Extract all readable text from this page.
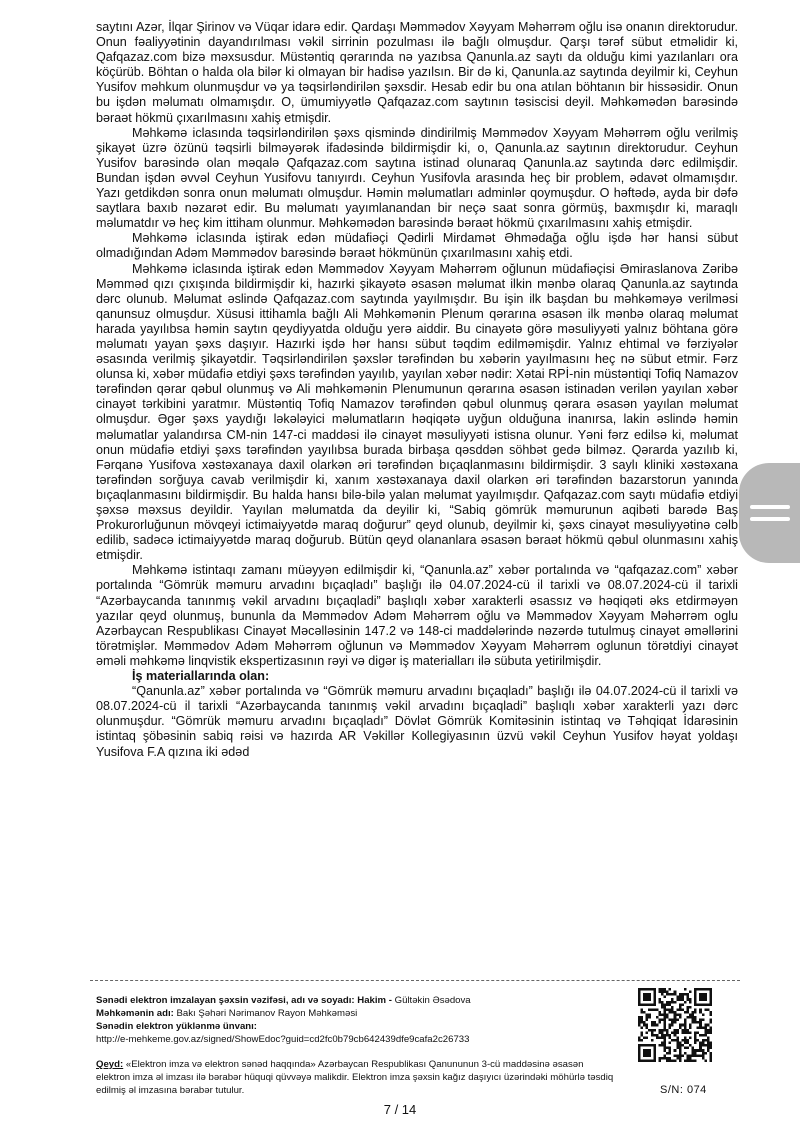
saytını Azər, İlqar Şirinov və Vüqar idarə edir. Qardaşı Məmmədov Xəyyam Məhərrəm oğlu isə onanın direktorudur. Onun fəaliyyətinin dayandırılması vəkil sirrinin pozulması ilə bağlı olmuşdur. Qarşı tərəf sübut etməlidir ki, Qafqazaz.com bizə məxsusdur. Müstəntiq qərarında nə yazıbsa Qanunla.az saytı da olduğu kimi yazılanları ora köçürüb. Böhtan o halda ola bilər ki olmayan bir hadisə yazılsın. Bir də ki, Qanunla.az saytında deyilmir ki, Ceyhun Yusifov məhkum olunmuşdur və ya təqsirləndirilən şəxsdir. Hesab edir bu ona atılan böhtanın bir hissəsidir. Onun bu işdən məlumatı olmamışdır. O, ümumiyyətlə Qafqazaz.com saytının təsiscisi deyil. Məhkəmədən barəsində bəraət hökmü çıxarılmasını xahiş etmişdir.

Məhkəmə iclasında təqsirləndirilən şəxs qismində dindirilmiş Məmmədov Xəyyam Məhərrəm oğlu verilmiş şikayət üzrə özünü təqsirli bilməyərək ifadəsində bildirmişdir ki, o, Qanunla.az saytının direktorudur. Ceyhun Yusifov barəsində olan məqalə Qafqazaz.com saytına istinad olunaraq Qanunla.az saytında dərc edilmişdir. Bundan işdən əvvəl Ceyhun Yusifovu tanıyırdı. Ceyhun Yusifovla arasında heç bir problem, ədavət olmamışdır. Yazı getdikdən sonra onun məlumatı olmuşdur. Həmin məlumatları adminlər qoymuşdur. O həftədə, ayda bir dəfə saytlara baxıb nəzarət edir. Bu məlumatı yayımlanandan bir neçə saat sonra görmüş, baxmışdır ki, maraqlı məlumatdır və heç kim ittiham olunmur. Məhkəmədən barəsində bəraət hökmü çıxarılmasını xahiş etmişdir.

Məhkəmə iclasında iştirak edən müdafiəçi Qədirli Mirdamət Əhmədağa oğlu işdə hər hansi sübut olmadığından Adəm Məmmədov barəsində bəraət hökmünün çıxarılmasını xahiş etdi.

Məhkəmə iclasında iştirak edən Məmmədov Xəyyam Məhərrəm oğlunun müdafiəçisi Əmiraslanova Zəribə Məmməd qızı çıxışında bildirmişdir ki, hazırki şikayətə əsasən məlumat ilkin mənbə olaraq Qanunla.az saytında dərc olunub. Məlumat əslində Qafqazaz.com saytında yayılmışdır. Bu işin ilk başdan bu məhkəməyə verilməsi qanunsuz olmuşdur. Xüsusi ittihamla bağlı Ali Məhkəmənin Plenum qərarına əsasən ilk mənbə olaraq məlumat harada yayılıbsa həmin saytın qeydiyyatda olduğu yerə aiddir. Bu cinayətə görə məsuliyyəti yalnız böhtana görə məlumatı yayan şəxs daşıyır. Hazırki işdə hər hansı sübut təqdim edilməmişdir. Yalnız ehtimal və fərziyələr əsasında verilmiş şikayətdir. Təqsirləndirilən şəxslər tərəfindən bu xəbərin yayılmasını heç nə sübut etmir. Fərz olunsa ki, xəbər müdafiə etdiyi şəxs tərəfindən yayılıb, yayılan xəbər nədir: Xətai RPİ-nin müstəntiqi Tofiq Namazov tərəfindən qərar qəbul olunmuş və Ali məhkəmənin Plenumunun qərarına əsasən istinadən verilən yayılan xəbər cinayət tərkibini yaratmır. Müstəntiq Tofiq Namazov tərəfindən qəbul olunmuş qərara əsasən yayılan məlumat olmuşdur. Əgər şəxs yaydığı ləkələyici məlumatların həqiqətə uyğun olduğuna inanırsa, lakin əslində həmin məlumatlar yalandırsa CM-nin 147-ci maddəsi ilə cinayət məsuliyyəti istisna olunur. Yəni fərz edilsə ki, məlumat onun müdafiə etdiyi şəxs tərəfindən yayılıbsa burada birbaşa qəsddən söhbət gedə bilməz. Qərarda yazılıb ki, Fərqanə Yusifova xəstəxanaya daxil olarkən əri tərəfindən bıçaqlanmasını bildirmişdir. 3 saylı kliniki xəstəxana tərəfindən sorğuya cavab verilmişdir ki, xanım xəstəxanaya daxil olarkən əri tərəfindən bazarstorun yanında bıçaqlanmasını bildirmişdir. Bu halda hansı bilə-bilə yalan məlumat yayılmışdır. Qafqazaz.com saytı müdafiə etdiyi şəxsə məxsus deyildir. Yayılan məlumatda da deyilir ki, “Sabiq gömrük məmurunun aqibəti barədə Baş Prokurorluğunun mövqeyi ictimaiyyətdə maraq doğurur” qeyd olunub, deyilmir ki, şəxs cinayət məsuliyyətinə cəlb edilib, sadəcə ictimaiyyətdə maraq doğurub. Bütün qeyd olananlara əsasən bəraət hökmü qəbul olunmasını xahiş etmişdir.

Məhkəmə istintaqı zamanı müəyyən edilmişdir ki, “Qanunla.az” xəbər portalında və “qafqazaz.com” xəbər portalında “Gömrük məmuru arvadını bıçaqladı” başlığı ilə 04.07.2024-cü il tarixli və 08.07.2024-cü il tarixli “Azərbaycanda tanınmış vəkil arvadını bıçaqladi” başlıqlı xəbər xarakterli əsassız və həqiqəti əks etdirməyən yazılar qeyd olunmuş, bununla da Məmmədov Adəm Məhərrəm oğlu və Məmmədov Xəyyam Məhərrəm oglu Azərbaycan Respublikası Cinayət Məcəlləsinin 147.2 və 148-ci maddələrində nəzərdə tutulmuş cinayət əməllərini törətmişlər. Məmmədov Adəm Məhərrəm oğlunun və Məmmədov Xəyyam Məhərrəm oglunun törətdiyi cinayət əməli məhkəmə linqvistik ekspertizasının rəyi və digər iş materialları ilə sübuta yetirilmişdir.

İş materiallarında olan:

“Qanunla.az” xəbər portalında və “Gömrük məmuru arvadını bıçaqladı” başlığı ilə 04.07.2024-cü il tarixli və 08.07.2024-cü il tarixli “Azərbaycanda tanınmış vəkil arvadını bıçaqladi” başlıqlı xəbər xarakterli yazı dərc olunmuşdur. “Gömrük məmuru arvadını bıçaqladı” Dövlət Gömrük Komitəsinin istintaq və Təhqiqat İdarəsinin istintaq şöbəsinin sabiq rəisi və hazırda AR Vəkillər Kollegiyasının üzvü vəkil Ceyhun Yusifov həyat yoldaşı Yusifova F.A qızına iki ədəd

Sənədi elektron imzalayan şəxsin vəzifəsi, adı və soyadı: Hakim - Gültəkin Əsədova

Məhkəmənin adı: Bakı Şəhəri Nərimanov Rayon Məhkəməsi

Sənədin elektron yüklənmə ünvanı:

http://e-mehkeme.gov.az/signed/ShowEdoc?guid=cd2fc0b79cb642439dfe9cafa2c26733

Qeyd: «Elektron imza və elektron sənəd haqqında» Azərbaycan Respublikası Qanununun 3-cü maddəsinə əsasən elektron imza əl imzası ilə bərabər hüquqi qüvvəyə malikdir. Elektron imza şəxsin kağız daşıyıcı üzərindəki möhürlə təsdiq edilmiş əl imzasına bərabər tutulur.	S/N: 074
7 / 14
